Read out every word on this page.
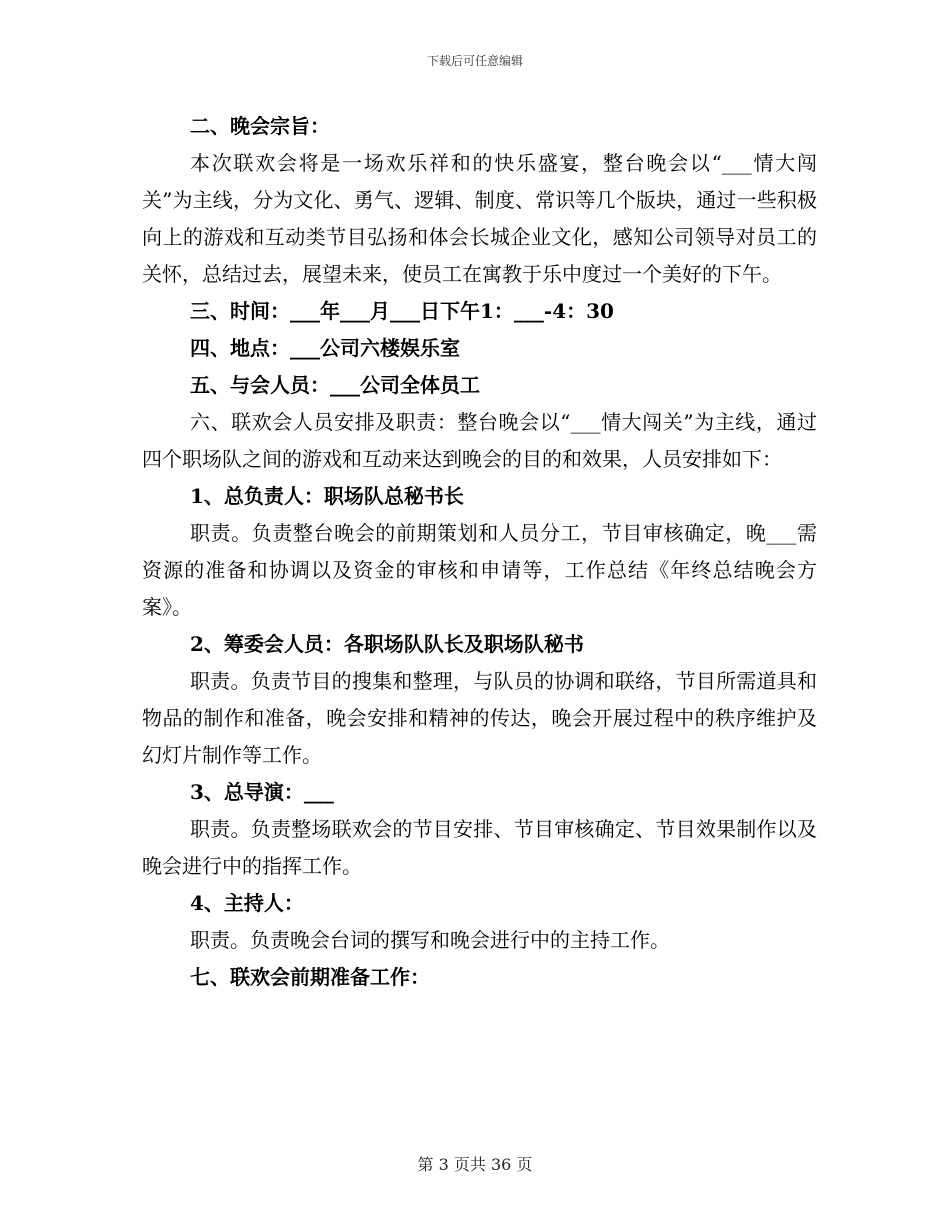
下载后可任意编辑

二、晚会宗旨：

本次联欢会将是一场欢乐祥和的快乐盛宴，整台晚会以“___情大闯关”为主线，分为文化、勇气、逻辑、制度、常识等几个版块，通过一些积极向上的游戏和互动类节目弘扬和体会长城企业文化，感知公司领导对员工的关怀，总结过去，展望未来，使员工在寓教于乐中度过一个美好的下午。

三、时间：___年___月___日下午1：___-4：30

四、地点：___公司六楼娱乐室

五、与会人员：___公司全体员工

六、联欢会人员安排及职责：整台晚会以“___情大闯关”为主线，通过四个职场队之间的游戏和互动来达到晚会的目的和效果，人员安排如下：

1、总负责人：职场队总秘书长

职责。负责整台晚会的前期策划和人员分工，节目审核确定，晚___需资源的准备和协调以及资金的审核和申请等，工作总结《年终总结晚会方案》。

2、筹委会人员：各职场队队长及职场队秘书

职责。负责节目的搜集和整理，与队员的协调和联络，节目所需道具和物品的制作和准备，晚会安排和精神的传达，晚会开展过程中的秩序维护及幻灯片制作等工作。

3、总导演：___

职责。负责整场联欢会的节目安排、节目审核确定、节目效果制作以及晚会进行中的指挥工作。

4、主持人：

职责。负责晚会台词的撰写和晚会进行中的主持工作。

七、联欢会前期准备工作：

第 3 页共 36 页
